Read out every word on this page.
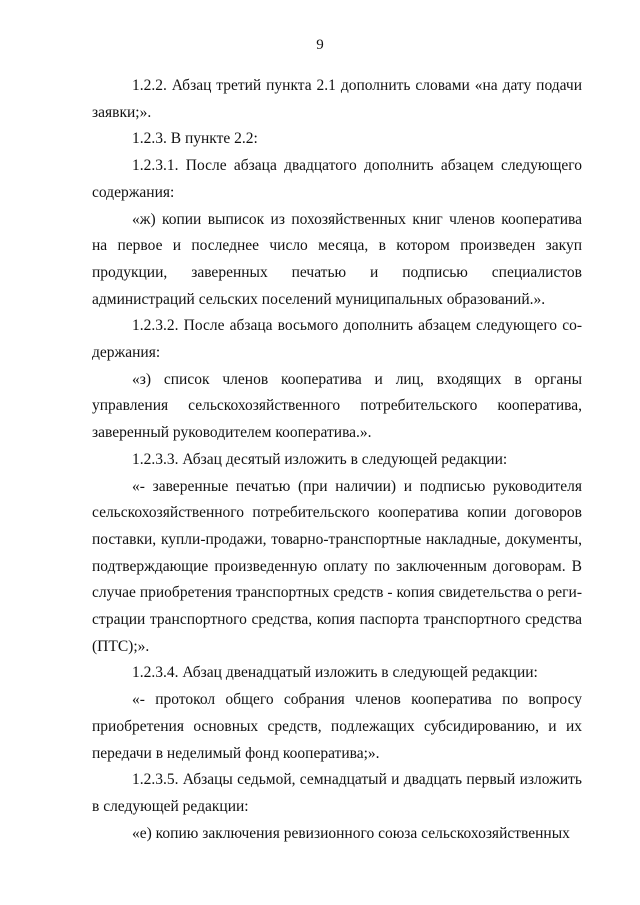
9

1.2.2. Абзац третий пункта 2.1 дополнить словами «на дату подачи заявки;».

1.2.3. В пункте 2.2:

1.2.3.1. После абзаца двадцатого дополнить абзацем следующего содержания:

«ж) копии выписок из похозяйственных книг членов кооператива на первое и последнее число месяца, в котором произведен закуп продукции, заверенных печатью и подписью специалистов администраций сельских поселений муниципальных образований.».

1.2.3.2. После абзаца восьмого дополнить абзацем следующего содержания:

«з) список членов кооператива и лиц, входящих в органы управления сельскохозяйственного потребительского кооператива, заверенный руководителем кооператива.».

1.2.3.3. Абзац десятый изложить в следующей редакции:

«- заверенные печатью (при наличии) и подписью руководителя сельскохозяйственного потребительского кооператива копии договоров поставки, купли-продажи, товарно-транспортные накладные, документы, подтверждающие произведенную оплату по заключенным договорам. В случае приобретения транспортных средств - копия свидетельства о регистрации транспортного средства, копия паспорта транспортного средства (ПТС);».

1.2.3.4. Абзац двенадцатый изложить в следующей редакции:

«- протокол общего собрания членов кооператива по вопросу приобретения основных средств, подлежащих субсидированию, и их передачи в неделимый фонд кооператива;».

1.2.3.5. Абзацы седьмой, семнадцатый и двадцать первый изложить в следующей редакции:

«е) копию заключения ревизионного союза сельскохозяйственных
